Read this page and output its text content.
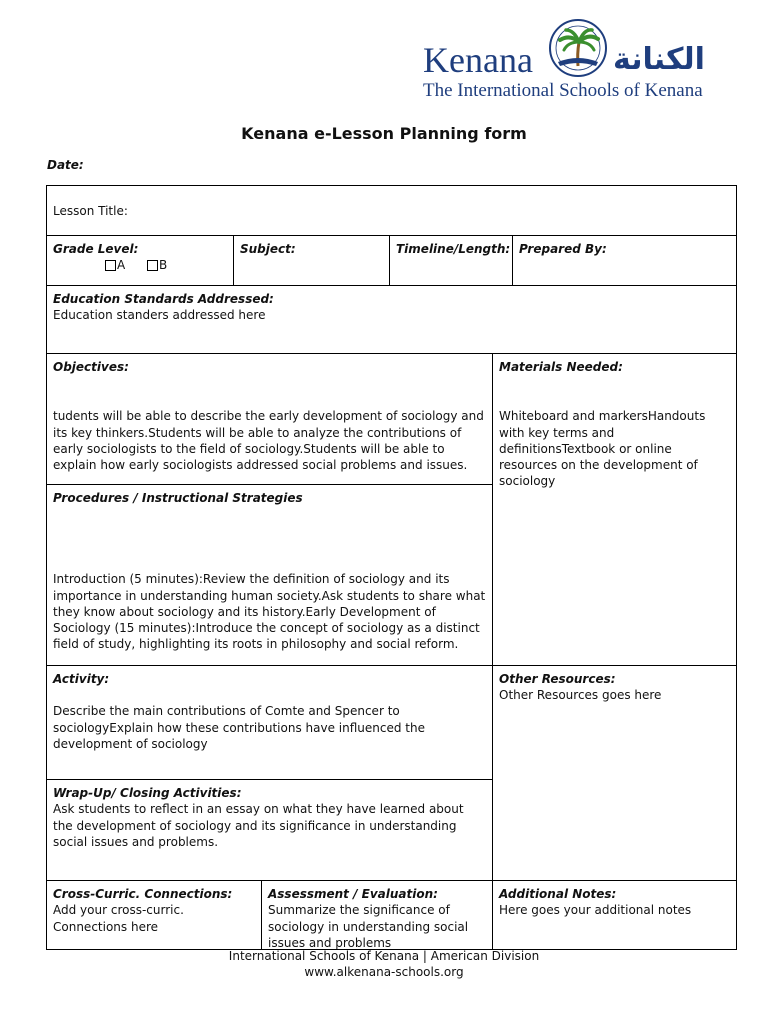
Kenana	الكنانة
The International Schools of Kenana
Kenana e-Lesson Planning form
Date:
Lesson Title:
Grade Level:
A
	B
Subject:	Timeline/Length: Prepared By:
Education Standards Addressed:
Education standers addressed here
Objectives:
tudents will be able to describe the early development of sociology and its key thinkers.Students will be able to analyze the contributions of early sociologists to the field of sociology.Students will be able to explain how early sociologists addressed social problems and issues.
Materials Needed:
Whiteboard and markersHandouts with key terms and definitionsTextbook or online resources on the development of sociology
Procedures / Instructional Strategies
Introduction (5 minutes):Review the definition of sociology and its importance in understanding human society.Ask students to share what they know about sociology and its history.Early Development of Sociology (15 minutes):Introduce the concept of sociology as a distinct field of study, highlighting its roots in philosophy and social reform.
Activity:
Describe the main contributions of Comte and Spencer to sociologyExplain how these contributions have influenced the development of sociology
Other Resources:
Other Resources goes here
Wrap-Up/ Closing Activities:
Ask students to reflect in an essay on what they have learned about the development of sociology and its significance in understanding social issues and problems.
Cross-Curric. Connections:
Add your cross-curric. Connections here
Assessment / Evaluation:
Summarize the significance of sociology in understanding social issues and problems
Additional Notes:
Here goes your additional notes
International Schools of Kenana | American Division
www.alkenana-schools.org
